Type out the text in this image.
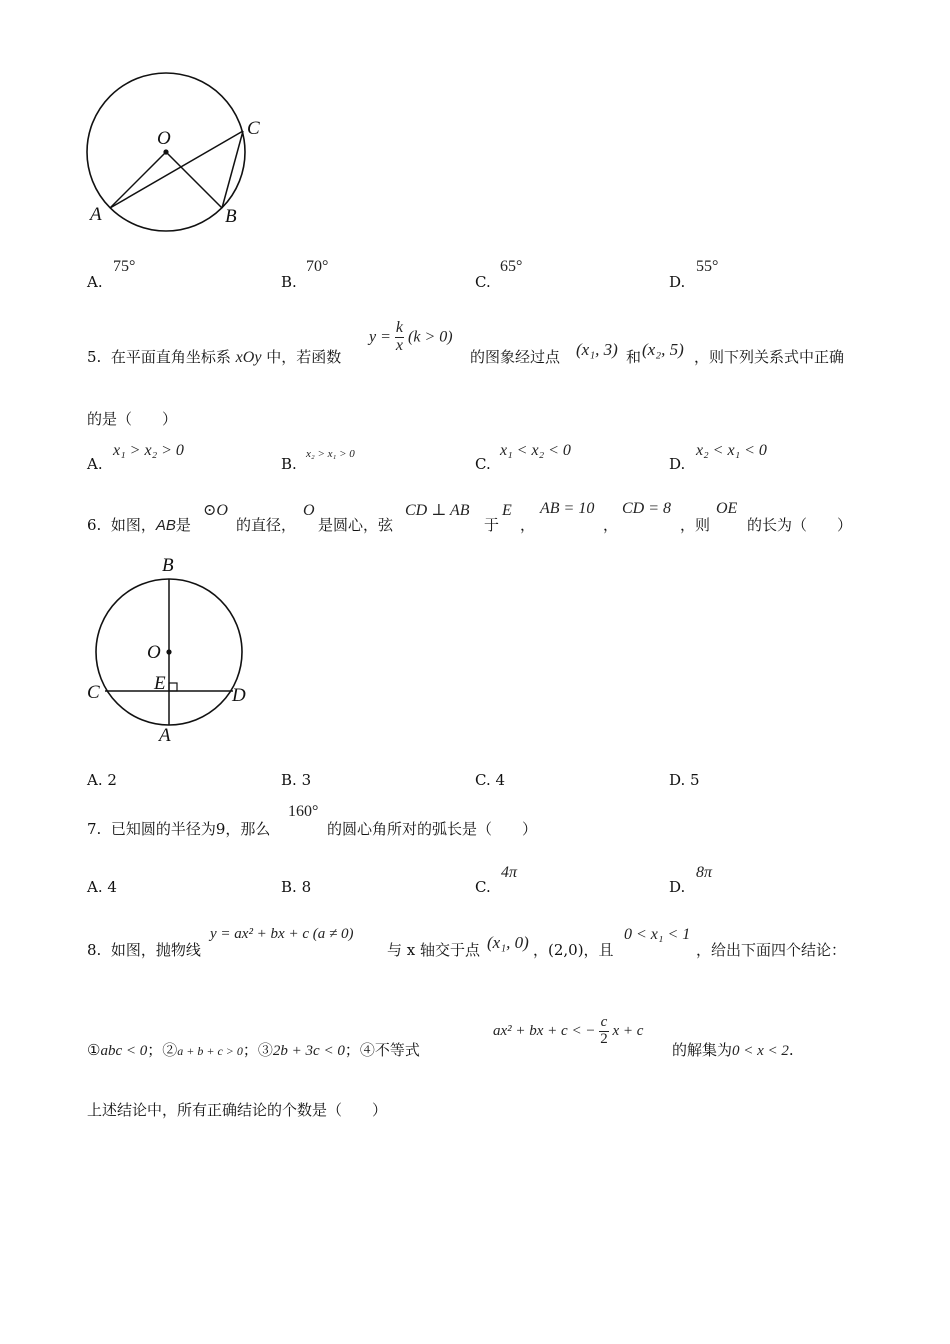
O	C
A	B
A.
75°
B.
70°
C.
65°
D.
55°
5. 在平面直角坐标系 xOy 中，若函数
$y = \frac{k}{x} (k > 0)$
的图象经过点 (x₁, 3) 和 (x₂, 5) ，则下列关系式中正确
的是（　　）
A.
x₁ > x₂ > 0
B.
x₂ > x₁ > 0
C.
x₁ < x₂ < 0
D.
x₂ < x₁ < 0
6. 如图，AB是
⊙O
的直径，
O
是圆心，弦
CD ⊥ AB
于
E
，
AB = 10
，
CD = 8
，则
OE
的长为（　　）
B
O
E
C	D
A
A. 2	B. 3	C. 4	D. 5
7. 已知圆的半径为9，那么
160°
的圆心角所对的弧长是（　　）
A. 4	B. 8	C.
4π
D.
8π
8. 如图，抛物线
y = ax² + bx + c (a ≠ 0)
与 x 轴交于点 (x₁, 0) ，(2,0)，且
0 < x₁ < 1
，给出下面四个结论：
①abc < 0；②a + b + c > 0；③2b + 3c < 0；④不等式
ax² + bx + c < − $\frac{c}{2}$ x + c
的解集为0 < x < 2.
上述结论中，所有正确结论的个数是（　　）
